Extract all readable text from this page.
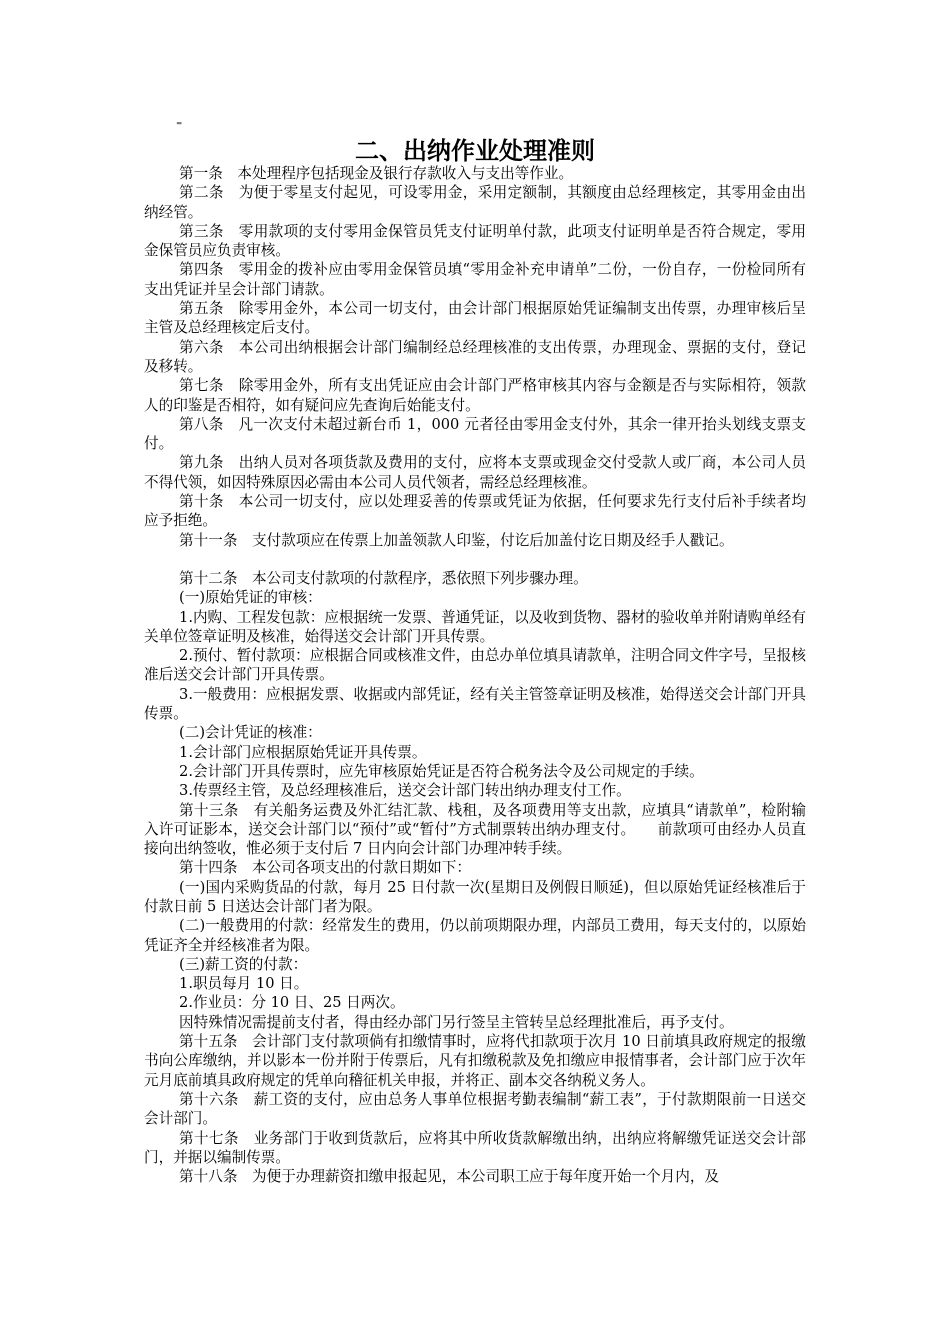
⁼
二、出纳作业处理准则

第一条　本处理程序包括现金及银行存款收入与支出等作业。

第二条　为便于零星支付起见，可设零用金，采用定额制，其额度由总经理核定，其零用金由出纳经管。

第三条　零用款项的支付零用金保管员凭支付证明单付款，此项支付证明单是否符合规定，零用金保管员应负责审核。

第四条　零用金的拨补应由零用金保管员填“零用金补充申请单”二份，一份自存，一份检同所有支出凭证并呈会计部门请款。

第五条　除零用金外，本公司一切支付，由会计部门根据原始凭证编制支出传票，办理审核后呈主管及总经理核定后支付。

第六条　本公司出纳根据会计部门编制经总经理核准的支出传票，办理现金、票据的支付，登记及移转。

第七条　除零用金外，所有支出凭证应由会计部门严格审核其内容与金额是否与实际相符，领款人的印鉴是否相符，如有疑问应先查询后始能支付。

第八条　凡一次支付未超过新台币 1，000 元者径由零用金支付外，其余一律开抬头划线支票支付。

第九条　出纳人员对各项货款及费用的支付，应将本支票或现金交付受款人或厂商，本公司人员不得代领，如因特殊原因必需由本公司人员代领者，需经总经理核准。

第十条　本公司一切支付，应以处理妥善的传票或凭证为依据，任何要求先行支付后补手续者均应予拒绝。

第十一条　支付款项应在传票上加盖领款人印鉴，付讫后加盖付讫日期及经手人戳记。

第十二条　本公司支付款项的付款程序，悉依照下列步骤办理。

(一)原始凭证的审核：

1.内购、工程发包款：应根据统一发票、普通凭证，以及收到货物、器材的验收单并附请购单经有关单位签章证明及核准，始得送交会计部门开具传票。

2.预付、暂付款项：应根据合同或核准文件，由总办单位填具请款单，注明合同文件字号，呈报核准后送交会计部门开具传票。

3.一般费用：应根据发票、收据或内部凭证，经有关主管签章证明及核准，始得送交会计部门开具传票。

(二)会计凭证的核准：

1.会计部门应根据原始凭证开具传票。

2.会计部门开具传票时，应先审核原始凭证是否符合税务法令及公司规定的手续。

3.传票经主管，及总经理核准后，送交会计部门转出纳办理支付工作。

第十三条　有关船务运费及外汇结汇款、栈租，及各项费用等支出款，应填具“请款单”，检附输入许可证影本，送交会计部门以“预付”或“暂付”方式制票转出纳办理支付。　　前款项可由经办人员直接向出纳签收，惟必须于支付后 7 日内向会计部门办理冲转手续。

第十四条　本公司各项支出的付款日期如下：

(一)国内采购货品的付款，每月 25 日付款一次(星期日及例假日顺延)，但以原始凭证经核准后于付款日前 5 日送达会计部门者为限。

(二)一般费用的付款：经常发生的费用，仍以前项期限办理，内部员工费用，每天支付的，以原始凭证齐全并经核准者为限。

(三)薪工资的付款：

1.职员每月 10 日。

2.作业员：分 10 日、25 日两次。

因特殊情况需提前支付者，得由经办部门另行签呈主管转呈总经理批准后，再予支付。

第十五条　会计部门支付款项倘有扣缴情事时，应将代扣款项于次月 10 日前填具政府规定的报缴书向公库缴纳，并以影本一份并附于传票后，凡有扣缴税款及免扣缴应申报情事者，会计部门应于次年元月底前填具政府规定的凭单向稽征机关申报，并将正、副本交各纳税义务人。

第十六条　薪工资的支付，应由总务人事单位根据考勤表编制“薪工表”，于付款期限前一日送交会计部门。

第十七条　业务部门于收到货款后，应将其中所收货款解缴出纳，出纳应将解缴凭证送交会计部门，并据以编制传票。

第十八条　为便于办理薪资扣缴申报起见，本公司职工应于每年度开始一个月内，及
